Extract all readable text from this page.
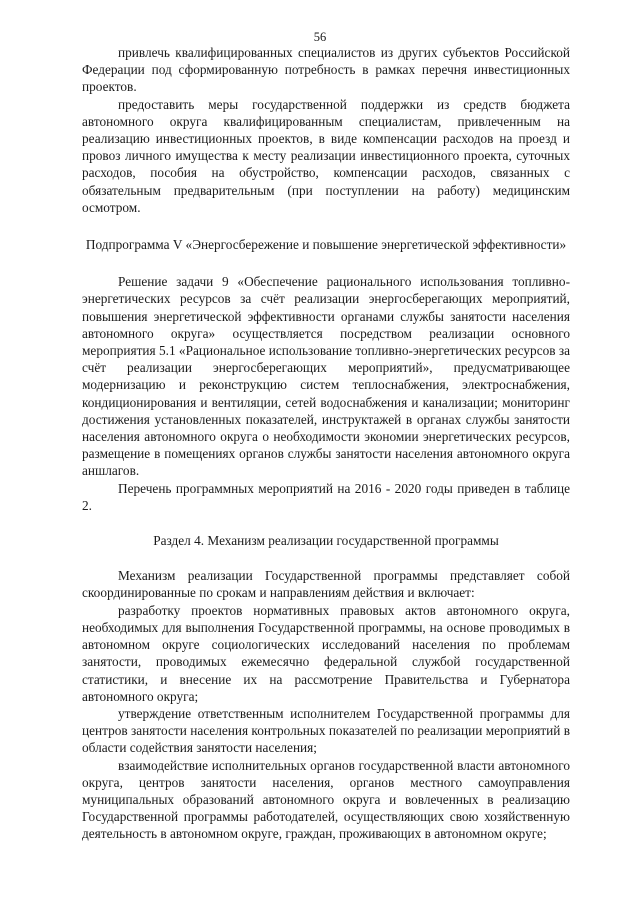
56

привлечь квалифицированных специалистов из других субъектов Российской Федерации под сформированную потребность в рамках перечня инвестиционных проектов.

предоставить меры государственной поддержки из средств бюджета автономного округа квалифицированным специалистам, привлеченным на реализацию инвестиционных проектов, в виде компенсации расходов на проезд и провоз личного имущества к месту реализации инвестиционного проекта, суточных расходов, пособия на обустройство, компенсации расходов, связанных с обязательным предварительным (при поступлении на работу) медицинским осмотром.

Подпрограмма V «Энергосбережение и повышение энергетической эффективности»

Решение задачи 9 «Обеспечение рационального использования топливно-энергетических ресурсов за счёт реализации энергосберегающих мероприятий, повышения энергетической эффективности органами службы занятости населения автономного округа» осуществляется посредством реализации основного мероприятия 5.1 «Рациональное использование топливно-энергетических ресурсов за счёт реализации энергосберегающих мероприятий», предусматривающее модернизацию и реконструкцию систем теплоснабжения, электроснабжения, кондиционирования и вентиляции, сетей водоснабжения и канализации; мониторинг достижения установленных показателей, инструктажей в органах службы занятости населения автономного округа о необходимости экономии энергетических ресурсов, размещение в помещениях органов службы занятости населения автономного округа аншлагов.

Перечень программных мероприятий на 2016 - 2020 годы приведен в таблице 2.

Раздел 4. Механизм реализации государственной программы

Механизм реализации Государственной программы представляет собой скоординированные по срокам и направлениям действия и включает:

разработку проектов нормативных правовых актов автономного округа, необходимых для выполнения Государственной программы, на основе проводимых в автономном округе социологических исследований населения по проблемам занятости, проводимых ежемесячно федеральной службой государственной статистики, и внесение их на рассмотрение Правительства и Губернатора автономного округа;

утверждение ответственным исполнителем Государственной программы для центров занятости населения контрольных показателей по реализации мероприятий в области содействия занятости населения;

взаимодействие исполнительных органов государственной власти автономного округа, центров занятости населения, органов местного самоуправления муниципальных образований автономного округа и вовлеченных в реализацию Государственной программы работодателей, осуществляющих свою хозяйственную деятельность в автономном округе, граждан, проживающих в автономном округе;
